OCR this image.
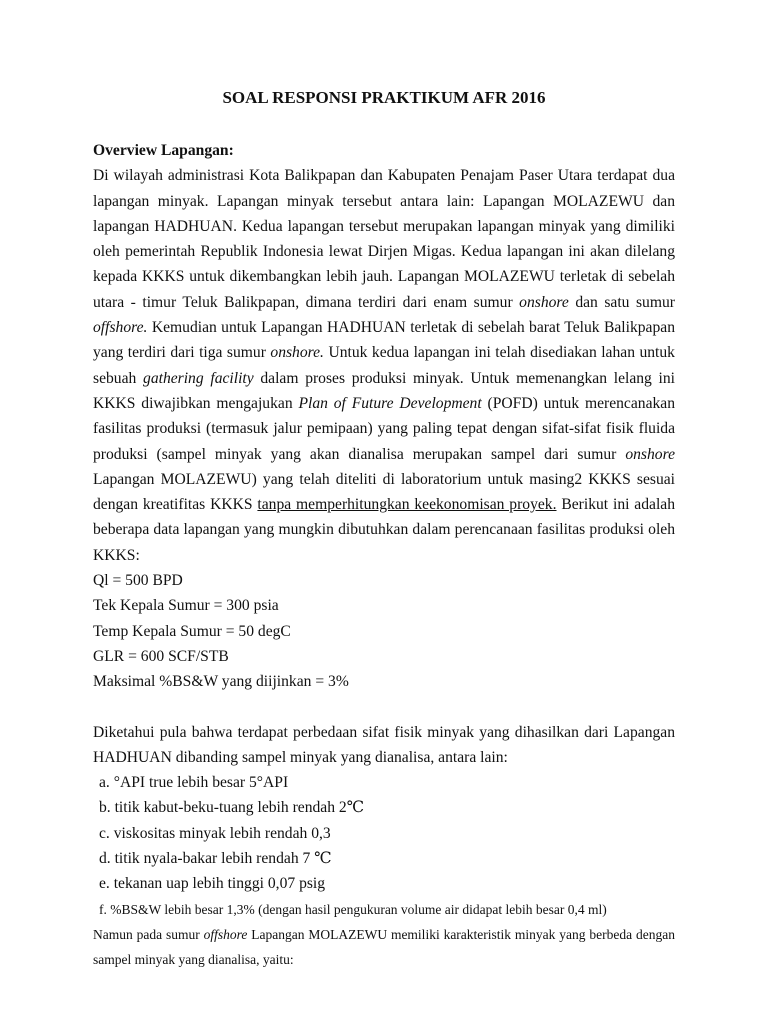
SOAL RESPONSI PRAKTIKUM AFR 2016

Overview Lapangan:

Di wilayah administrasi Kota Balikpapan dan Kabupaten Penajam Paser Utara terdapat dua lapangan minyak. Lapangan minyak tersebut antara lain: Lapangan MOLAZEWU dan lapangan HADHUAN. Kedua lapangan tersebut merupakan lapangan minyak yang dimiliki oleh pemerintah Republik Indonesia lewat Dirjen Migas. Kedua lapangan ini akan dilelang kepada KKKS untuk dikembangkan lebih jauh. Lapangan MOLAZEWU terletak di sebelah utara - timur Teluk Balikpapan, dimana terdiri dari enam sumur onshore dan satu sumur offshore. Kemudian untuk Lapangan HADHUAN terletak di sebelah barat Teluk Balikpapan yang terdiri dari tiga sumur onshore. Untuk kedua lapangan ini telah disediakan lahan untuk sebuah gathering facility dalam proses produksi minyak. Untuk memenangkan lelang ini KKKS diwajibkan mengajukan Plan of Future Development (POFD) untuk merencanakan fasilitas produksi (termasuk jalur pemipaan) yang paling tepat dengan sifat-sifat fisik fluida produksi (sampel minyak yang akan dianalisa merupakan sampel dari sumur onshore Lapangan MOLAZEWU) yang telah diteliti di laboratorium untuk masing2 KKKS sesuai dengan kreatifitas KKKS tanpa memperhitungkan keekonomisan proyek. Berikut ini adalah beberapa data lapangan yang mungkin dibutuhkan dalam perencanaan fasilitas produksi oleh KKKS:

Ql = 500 BPD

Tek Kepala Sumur = 300 psia

Temp Kepala Sumur = 50 degC

GLR = 600 SCF/STB

Maksimal %BS&W yang diijinkan = 3%

Diketahui pula bahwa terdapat perbedaan sifat fisik minyak yang dihasilkan dari Lapangan HADHUAN dibanding sampel minyak yang dianalisa, antara lain:

a. °API true lebih besar 5°API

b. titik kabut-beku-tuang lebih rendah 2℃

c. viskositas minyak lebih rendah 0,3

d. titik nyala-bakar lebih rendah 7 ℃

e. tekanan uap lebih tinggi 0,07 psig

f. %BS&W lebih besar 1,3% (dengan hasil pengukuran volume air didapat lebih besar 0,4 ml)

Namun pada sumur offshore Lapangan MOLAZEWU memiliki karakteristik minyak yang berbeda dengan sampel minyak yang dianalisa, yaitu:
